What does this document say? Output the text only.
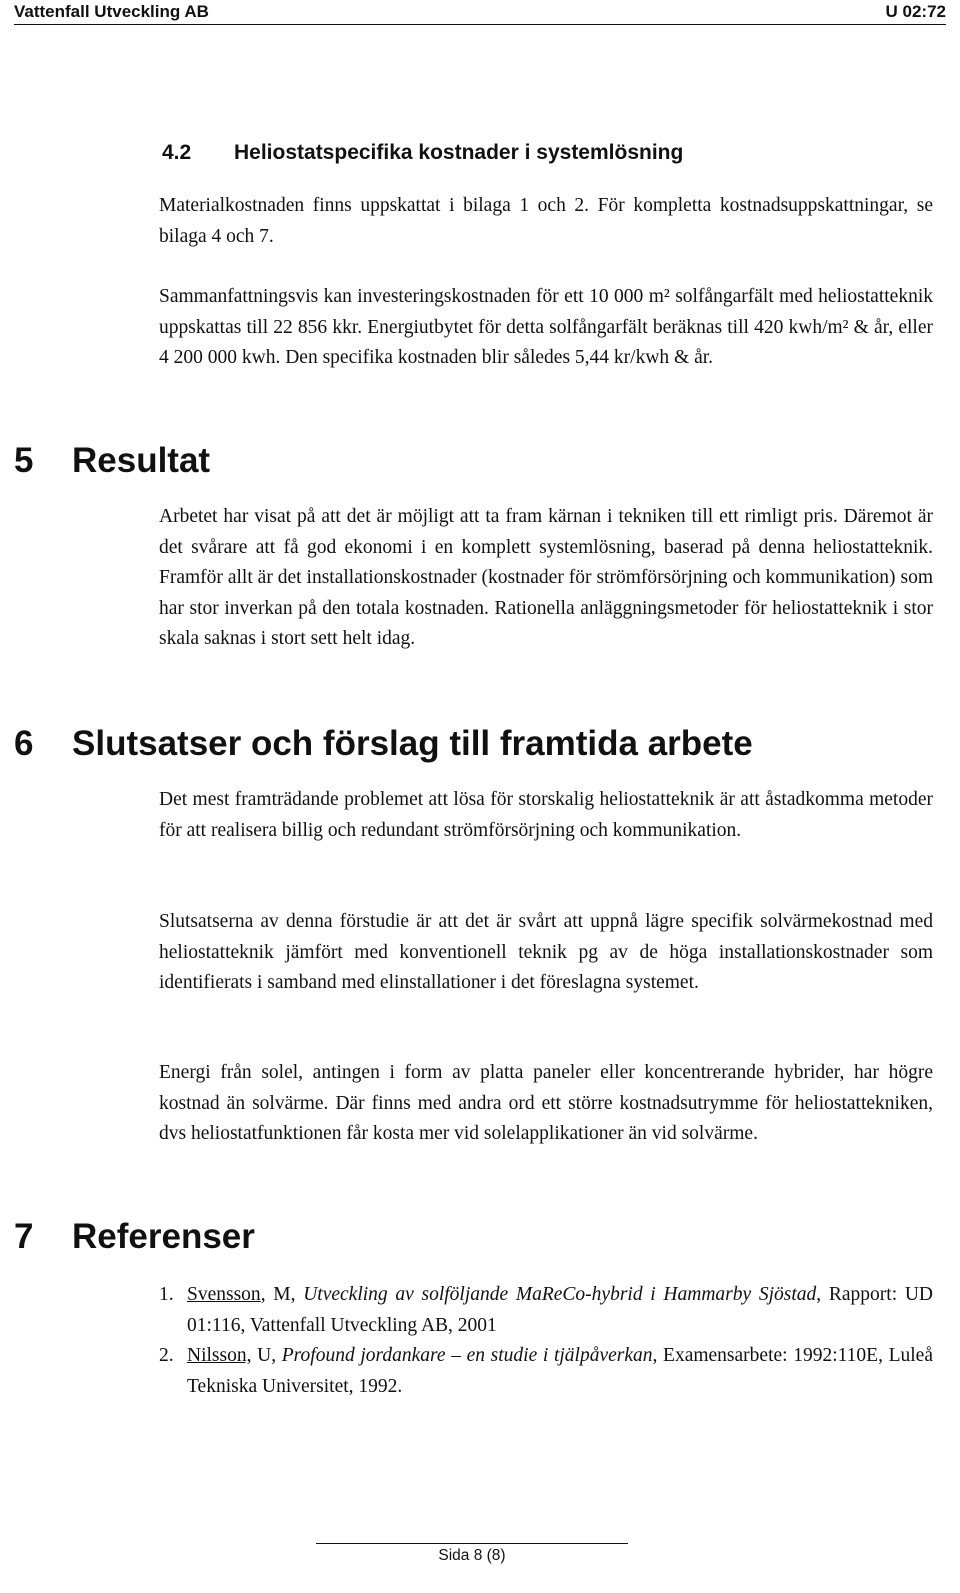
Vattenfall Utveckling AB	U 02:72
4.2	Heliostatspecifika kostnader i systemlösning

Materialkostnaden finns uppskattat i bilaga 1 och 2. För kompletta kostnadsuppskattningar, se bilaga 4 och 7.

Sammanfattningsvis kan investeringskostnaden för ett 10 000 m² solfångarfält med heliostatteknik uppskattas till 22 856 kkr. Energiutbytet för detta solfångarfält beräknas till 420 kwh/m² & år, eller 4 200 000 kwh. Den specifika kostnaden blir således 5,44 kr/kwh & år.

5	Resultat

Arbetet har visat på att det är möjligt att ta fram kärnan i tekniken till ett rimligt pris. Däremot är det svårare att få god ekonomi i en komplett systemlösning, baserad på denna heliostatteknik. Framför allt är det installationskostnader (kostnader för strömförsörjning och kommunikation) som har stor inverkan på den totala kostnaden. Rationella anläggningsmetoder för heliostatteknik i stor skala saknas i stort sett helt idag.

6	Slutsatser och förslag till framtida arbete

Det mest framträdande problemet att lösa för storskalig heliostatteknik är att åstadkomma metoder för att realisera billig och redundant strömförsörjning och kommunikation.

Slutsatserna av denna förstudie är att det är svårt att uppnå lägre specifik solvärmekostnad med heliostatteknik jämfört med konventionell teknik pg av de höga installationskostnader som identifierats i samband med elinstallationer i det föreslagna systemet.

Energi från solel, antingen i form av platta paneler eller koncentrerande hybrider, har högre kostnad än solvärme. Där finns med andra ord ett större kostnadsutrymme för heliostattekniken, dvs heliostatfunktionen får kosta mer vid solelapplikationer än vid solvärme.

7	Referenser
1. Svensson, M, Utveckling av solföljande MaReCo-hybrid i Hammarby Sjöstad, Rapport: UD 01:116, Vattenfall Utveckling AB, 2001
2. Nilsson, U, Profound jordankare – en studie i tjälpåverkan, Examensarbete: 1992:110E, Luleå Tekniska Universitet, 1992.
Sida 8 (8)
